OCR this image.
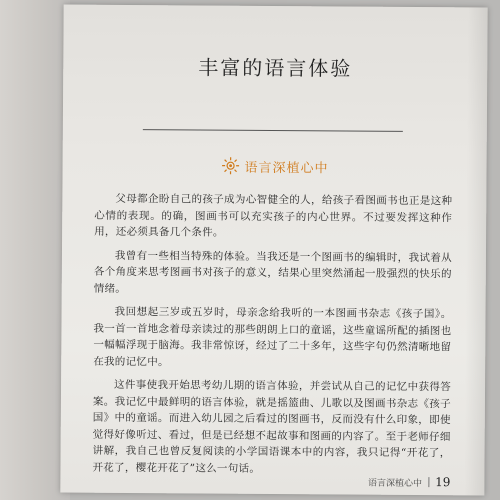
丰富的语言体验
语言深植心中

父母都企盼自己的孩子成为心智健全的人，给孩子看图画书也正是这种心情的表现。的确，图画书可以充实孩子的内心世界。不过要发挥这种作用，还必须具备几个条件。

我曾有一些相当特殊的体验。当我还是一个图画书的编辑时，我试着从各个角度来思考图画书对孩子的意义，结果心里突然涌起一股强烈的快乐的情绪。

我回想起三岁或五岁时，母亲念给我听的一本图画书杂志《孩子国》。我一首一首地念着母亲读过的那些朗朗上口的童谣，这些童谣所配的插图也一幅幅浮现于脑海。我非常惊讶，经过了二十多年，这些字句仍然清晰地留在我的记忆中。

这件事使我开始思考幼儿期的语言体验，并尝试从自己的记忆中获得答案。我记忆中最鲜明的语言体验，就是摇篮曲、儿歌以及图画书杂志《孩子国》中的童谣。而进入幼儿园之后看过的图画书，反而没有什么印象，即使觉得好像听过、看过，但是已经想不起故事和图画的内容了。至于老师仔细讲解，我自己也曾反复阅读的小学国语课本中的内容，我只记得“开花了，开花了，樱花开花了”这么一句话。

语言深植心中 19
